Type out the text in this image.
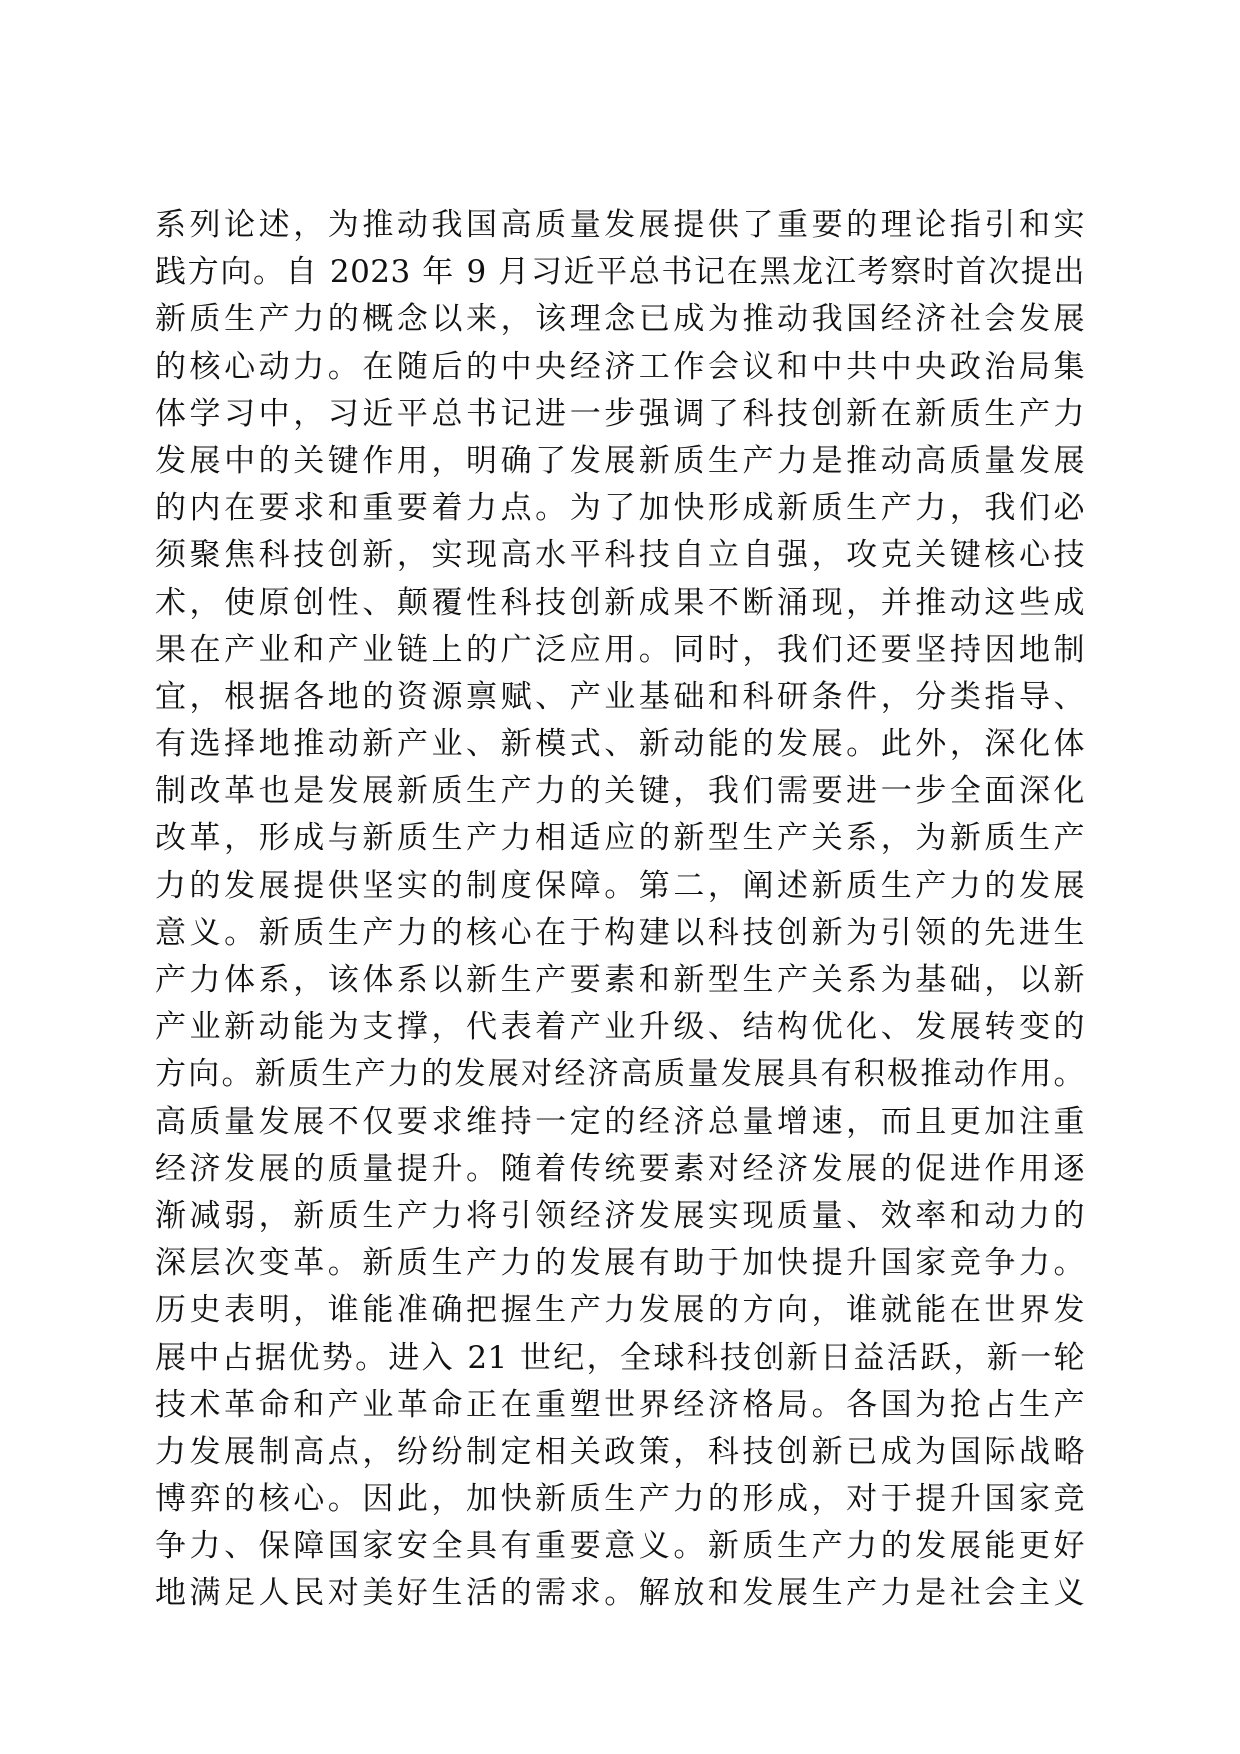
系列论述，为推动我国高质量发展提供了重要的理论指引和实
践方向。自 2023 年 9 月习近平总书记在黑龙江考察时首次提出
新质生产力的概念以来，该理念已成为推动我国经济社会发展
的核心动力。在随后的中央经济工作会议和中共中央政治局集
体学习中，习近平总书记进一步强调了科技创新在新质生产力
发展中的关键作用，明确了发展新质生产力是推动高质量发展
的内在要求和重要着力点。为了加快形成新质生产力，我们必
须聚焦科技创新，实现高水平科技自立自强，攻克关键核心技
术，使原创性、颠覆性科技创新成果不断涌现，并推动这些成
果在产业和产业链上的广泛应用。同时，我们还要坚持因地制
宜，根据各地的资源禀赋、产业基础和科研条件，分类指导、
有选择地推动新产业、新模式、新动能的发展。此外，深化体
制改革也是发展新质生产力的关键，我们需要进一步全面深化
改革，形成与新质生产力相适应的新型生产关系，为新质生产
力的发展提供坚实的制度保障。第二，阐述新质生产力的发展
意义。新质生产力的核心在于构建以科技创新为引领的先进生
产力体系，该体系以新生产要素和新型生产关系为基础，以新
产业新动能为支撑，代表着产业升级、结构优化、发展转变的
方向。新质生产力的发展对经济高质量发展具有积极推动作用。
高质量发展不仅要求维持一定的经济总量增速，而且更加注重
经济发展的质量提升。随着传统要素对经济发展的促进作用逐
渐减弱，新质生产力将引领经济发展实现质量、效率和动力的
深层次变革。新质生产力的发展有助于加快提升国家竞争力。
历史表明，谁能准确把握生产力发展的方向，谁就能在世界发
展中占据优势。进入 21 世纪，全球科技创新日益活跃，新一轮
技术革命和产业革命正在重塑世界经济格局。各国为抢占生产
力发展制高点，纷纷制定相关政策，科技创新已成为国际战略
博弈的核心。因此，加快新质生产力的形成，对于提升国家竞
争力、保障国家安全具有重要意义。新质生产力的发展能更好
地满足人民对美好生活的需求。解放和发展生产力是社会主义
